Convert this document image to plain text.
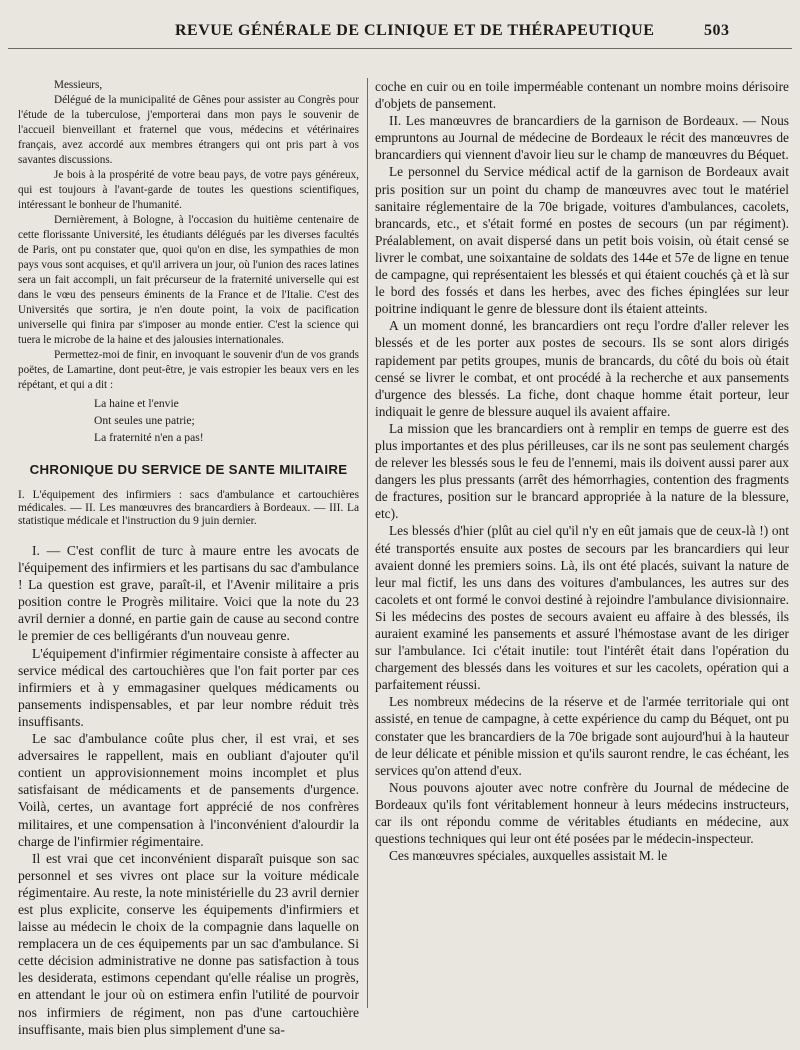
REVUE GÉNÉRALE DE CLINIQUE ET DE THÉRAPEUTIQUE	503

Messieurs,

Délégué de la municipalité de Gênes pour assister au Congrès pour l'étude de la tuberculose, j'emporterai dans mon pays le souvenir de l'accueil bienveillant et fraternel que vous, médecins et vétérinaires français, avez accordé aux membres étrangers qui ont pris part à vos savantes discussions.

Je bois à la prospérité de votre beau pays, de votre pays généreux, qui est toujours à l'avant-garde de toutes les questions scientifiques, intéressant le bonheur de l'humanité.

Dernièrement, à Bologne, à l'occasion du huitième centenaire de cette florissante Université, les étudiants délégués par les diverses facultés de Paris, ont pu constater que, quoi qu'on en dise, les sympathies de mon pays vous sont acquises, et qu'il arrivera un jour, où l'union des races latines sera un fait accompli, un fait précurseur de la fraternité universelle qui est dans le vœu des penseurs éminents de la France et de l'Italie. C'est des Universités que sortira, je n'en doute point, la voix de pacification universelle qui finira par s'imposer au monde entier. C'est la science qui tuera le microbe de la haine et des jalousies internationales.

Permettez-moi de finir, en invoquant le souvenir d'un de vos grands poëtes, de Lamartine, dont peut-être, je vais estropier les beaux vers en les répétant, et qui a dit :

La haine et l'envie
Ont seules une patrie;
La fraternité n'en a pas!
CHRONIQUE DU SERVICE DE SANTE MILITAIRE

I. L'équipement des infirmiers : sacs d'ambulance et cartouchières médicales. — II. Les manœuvres des brancardiers à Bordeaux. — III. La statistique médicale et l'instruction du 9 juin dernier.

I. — C'est conflit de turc à maure entre les avocats de l'équipement des infirmiers et les partisans du sac d'ambulance ! La question est grave, paraît-il, et l'Avenir militaire a pris position contre le Progrès militaire. Voici que la note du 23 avril dernier a donné, en partie gain de cause au second contre le premier de ces belligérants d'un nouveau genre.

L'équipement d'infirmier régimentaire consiste à affecter au service médical des cartouchières que l'on fait porter par ces infirmiers et à y emmagasiner quelques médicaments ou pansements indispensables, et par leur nombre réduit très insuffisants.

Le sac d'ambulance coûte plus cher, il est vrai, et ses adversaires le rappellent, mais en oubliant d'ajouter qu'il contient un approvisionnement moins incomplet et plus satisfaisant de médicaments et de pansements d'urgence. Voilà, certes, un avantage fort apprécié de nos confrères militaires, et une compensation à l'inconvénient d'alourdir la charge de l'infirmier régimentaire.

Il est vrai que cet inconvénient disparaît puisque son sac personnel et ses vivres ont place sur la voiture médicale régimentaire. Au reste, la note ministérielle du 23 avril dernier est plus explicite, conserve les équipements d'infirmiers et laisse au médecin le choix de la compagnie dans laquelle on remplacera un de ces équipements par un sac d'ambulance. Si cette décision administrative ne donne pas satisfaction à tous les desiderata, estimons cependant qu'elle réalise un progrès, en attendant le jour où on estimera enfin l'utilité de pourvoir nos infirmiers de régiment, non pas d'une cartouchière insuffisante, mais bien plus simplement d'une sa-

coche en cuir ou en toile imperméable contenant un nombre moins dérisoire d'objets de pansement.

II. Les manœuvres de brancardiers de la garnison de Bordeaux. — Nous empruntons au Journal de médecine de Bordeaux le récit des manœuvres de brancardiers qui viennent d'avoir lieu sur le champ de manœuvres du Béquet.

Le personnel du Service médical actif de la garnison de Bordeaux avait pris position sur un point du champ de manœuvres avec tout le matériel sanitaire réglementaire de la 70e brigade, voitures d'ambulances, cacolets, brancards, etc., et s'était formé en postes de secours (un par régiment). Préalablement, on avait dispersé dans un petit bois voisin, où était censé se livrer le combat, une soixantaine de soldats des 144e et 57e de ligne en tenue de campagne, qui représentaient les blessés et qui étaient couchés çà et là sur le bord des fossés et dans les herbes, avec des fiches épinglées sur leur poitrine indiquant le genre de blessure dont ils étaient atteints.

A un moment donné, les brancardiers ont reçu l'ordre d'aller relever les blessés et de les porter aux postes de secours. Ils se sont alors dirigés rapidement par petits groupes, munis de brancards, du côté du bois où était censé se livrer le combat, et ont procédé à la recherche et aux pansements d'urgence des blessés. La fiche, dont chaque homme était porteur, leur indiquait le genre de blessure auquel ils avaient affaire.

La mission que les brancardiers ont à remplir en temps de guerre est des plus importantes et des plus périlleuses, car ils ne sont pas seulement chargés de relever les blessés sous le feu de l'ennemi, mais ils doivent aussi parer aux dangers les plus pressants (arrêt des hémorrhagies, contention des fragments de fractures, position sur le brancard appropriée à la nature de la blessure, etc).

Les blessés d'hier (plût au ciel qu'il n'y en eût jamais que de ceux-là !) ont été transportés ensuite aux postes de secours par les brancardiers qui leur avaient donné les premiers soins. Là, ils ont été placés, suivant la nature de leur mal fictif, les uns dans des voitures d'ambulances, les autres sur des cacolets et ont formé le convoi destiné à rejoindre l'ambulance divisionnaire. Si les médecins des postes de secours avaient eu affaire à des blessés, ils auraient examiné les pansements et assuré l'hémostase avant de les diriger sur l'ambulance. Ici c'était inutile: tout l'intérêt était dans l'opération du chargement des blessés dans les voitures et sur les cacolets, opération qui a parfaitement réussi.

Les nombreux médecins de la réserve et de l'armée territoriale qui ont assisté, en tenue de campagne, à cette expérience du camp du Béquet, ont pu constater que les brancardiers de la 70e brigade sont aujourd'hui à la hauteur de leur délicate et pénible mission et qu'ils sauront rendre, le cas échéant, les services qu'on attend d'eux.

Nous pouvons ajouter avec notre confrère du Journal de médecine de Bordeaux qu'ils font véritablement honneur à leurs médecins instructeurs, car ils ont répondu comme de véritables étudiants en médecine, aux questions techniques qui leur ont été posées par le médecin-inspecteur.

Ces manœuvres spéciales, auxquelles assistait M. le
